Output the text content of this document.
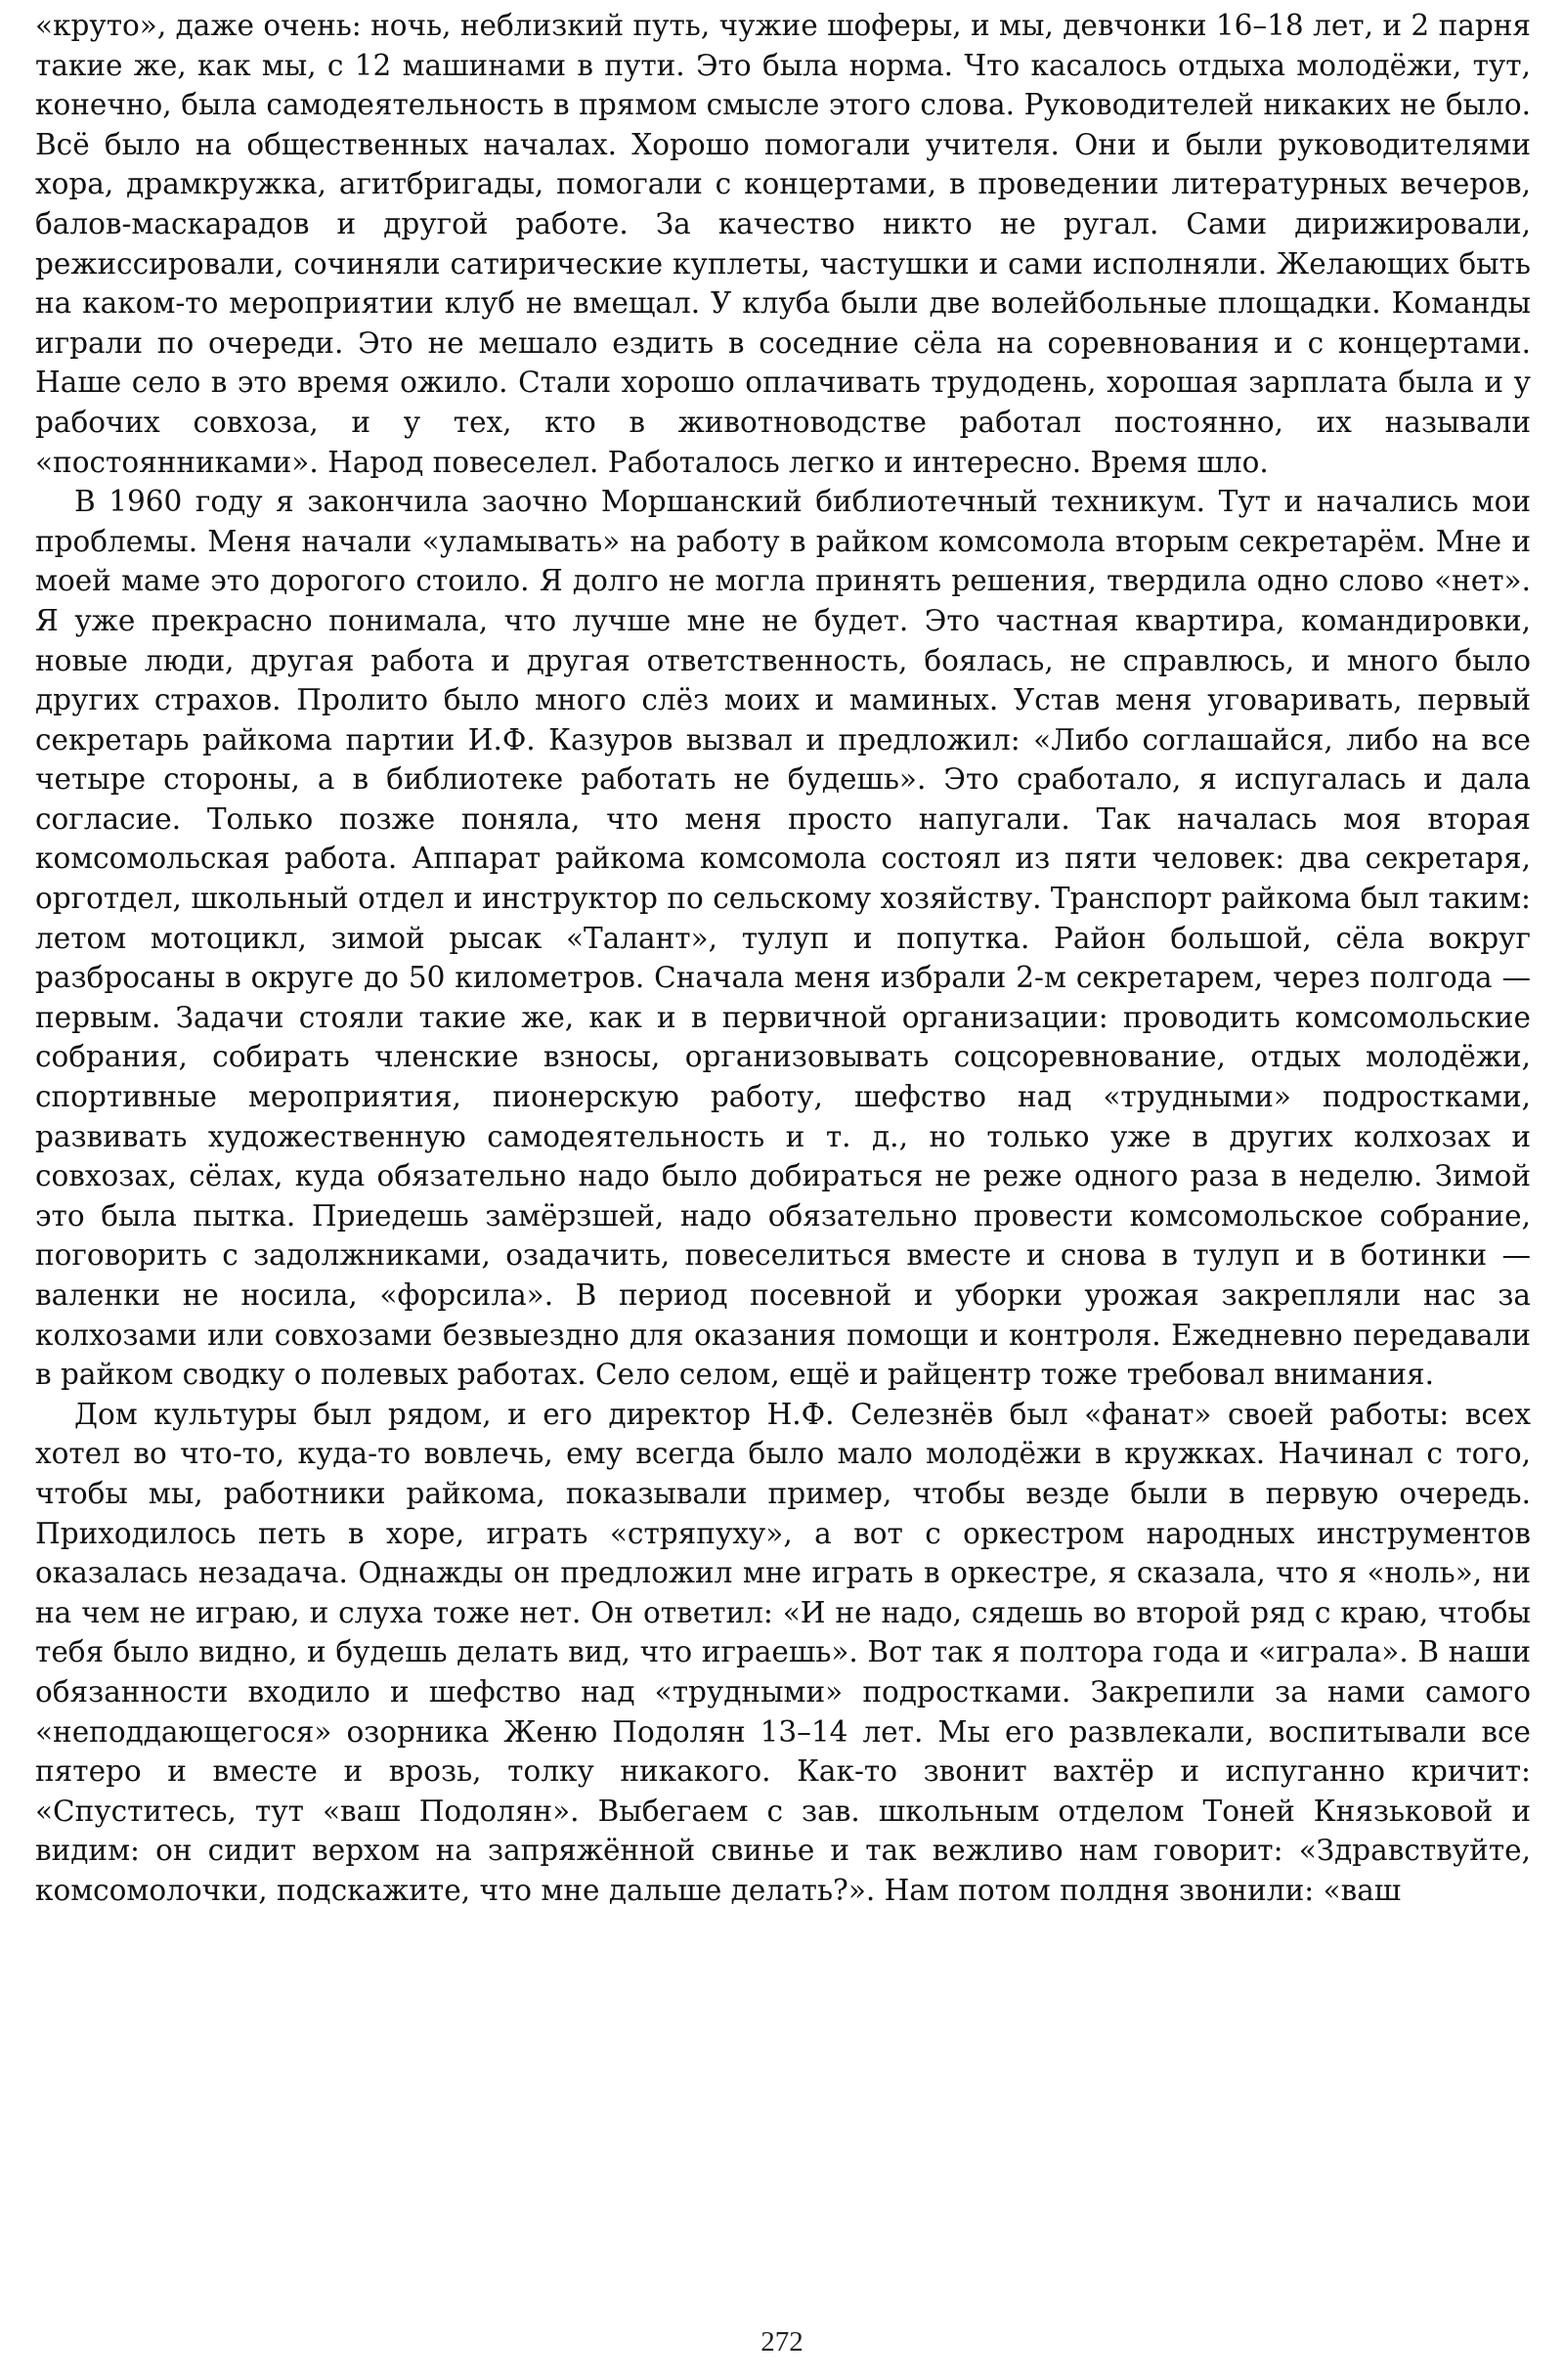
«круто», даже очень: ночь, неблизкий путь, чужие шоферы, и мы, девчонки 16–18 лет, и 2 парня такие же, как мы, с 12 машинами в пути. Это была норма. Что касалось отдыха молодёжи, тут, конечно, была самодеятельность в прямом смысле этого слова. Руководителей никаких не было. Всё было на общественных началах. Хорошо помогали учителя. Они и были руководителями хора, драмкружка, агитбригады, помогали с концертами, в проведении литературных вечеров, балов-маскарадов и другой работе. За качество никто не ругал. Сами дирижировали, режиссировали, сочиняли сатирические куплеты, частушки и сами исполняли. Желающих быть на каком-то мероприятии клуб не вмещал. У клуба были две волейбольные площадки. Команды играли по очереди. Это не мешало ездить в соседние сёла на соревнования и с концертами. Наше село в это время ожило. Стали хорошо оплачивать трудодень, хорошая зарплата была и у рабочих совхоза, и у тех, кто в животноводстве работал постоянно, их называли «постоянниками». Народ повеселел. Работалось легко и интересно. Время шло.

В 1960 году я закончила заочно Моршанский библиотечный техникум. Тут и начались мои проблемы. Меня начали «уламывать» на работу в райком комсомола вторым секретарём. Мне и моей маме это дорогого стоило. Я долго не могла принять решения, твердила одно слово «нет». Я уже прекрасно понимала, что лучше мне не будет. Это частная квартира, командировки, новые люди, другая работа и другая ответственность, боялась, не справлюсь, и много было других страхов. Пролито было много слёз моих и маминых. Устав меня уговаривать, первый секретарь райкома партии И.Ф. Казуров вызвал и предложил: «Либо соглашайся, либо на все четыре стороны, а в библиотеке работать не будешь». Это сработало, я испугалась и дала согласие. Только позже поняла, что меня просто напугали. Так началась моя вторая комсомольская работа. Аппарат райкома комсомола состоял из пяти человек: два секретаря, орготдел, школьный отдел и инструктор по сельскому хозяйству. Транспорт райкома был таким: летом мотоцикл, зимой рысак «Талант», тулуп и попутка. Район большой, сёла вокруг разбросаны в округе до 50 километров. Сначала меня избрали 2-м секретарем, через полгода — первым. Задачи стояли такие же, как и в первичной организации: проводить комсомольские собрания, собирать членские взносы, организовывать соцсоревнование, отдых молодёжи, спортивные мероприятия, пионерскую работу, шефство над «трудными» подростками, развивать художественную самодеятельность и т. д., но только уже в других колхозах и совхозах, сёлах, куда обязательно надо было добираться не реже одного раза в неделю. Зимой это была пытка. Приедешь замёрзшей, надо обязательно провести комсомольское собрание, поговорить с задолжниками, озадачить, повеселиться вместе и снова в тулуп и в ботинки — валенки не носила, «форсила». В период посевной и уборки урожая закрепляли нас за колхозами или совхозами безвыездно для оказания помощи и контроля. Ежедневно передавали в райком сводку о полевых работах. Село селом, ещё и райцентр тоже требовал внимания.

Дом культуры был рядом, и его директор Н.Ф. Селезнёв был «фанат» своей работы: всех хотел во что-то, куда-то вовлечь, ему всегда было мало молодёжи в кружках. Начинал с того, чтобы мы, работники райкома, показывали пример, чтобы везде были в первую очередь. Приходилось петь в хоре, играть «стряпуху», а вот с оркестром народных инструментов оказалась незадача. Однажды он предложил мне играть в оркестре, я сказала, что я «ноль», ни на чем не играю, и слуха тоже нет. Он ответил: «И не надо, сядешь во второй ряд с краю, чтобы тебя было видно, и будешь делать вид, что играешь». Вот так я полтора года и «играла». В наши обязанности входило и шефство над «трудными» подростками. Закрепили за нами самого «неподдающегося» озорника Женю Подолян 13–14 лет. Мы его развлекали, воспитывали все пятеро и вместе и врозь, толку никакого. Как-то звонит вахтёр и испуганно кричит: «Спуститесь, тут «ваш Подолян». Выбегаем с зав. школьным отделом Тоней Князьковой и видим: он сидит верхом на запряжённой свинье и так вежливо нам говорит: «Здравствуйте, комсомолочки, подскажите, что мне дальше делать?». Нам потом полдня звонили: «ваш

272
